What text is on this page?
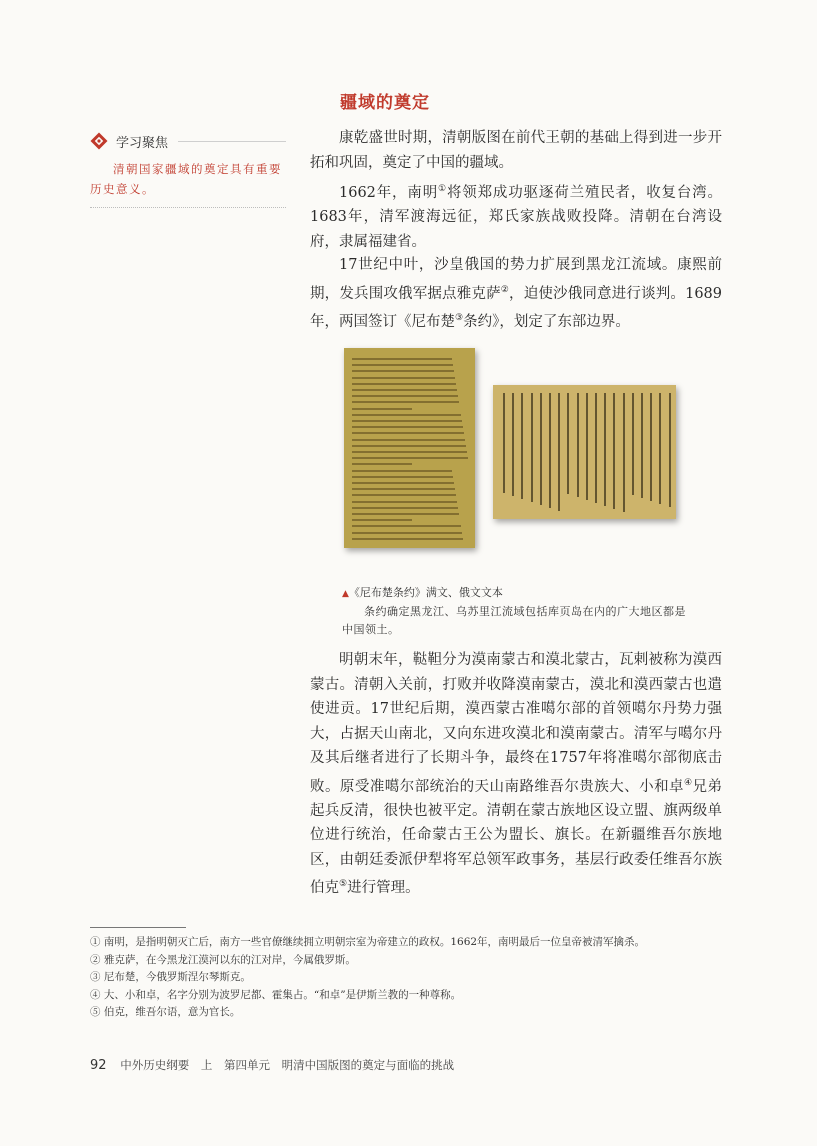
疆域的奠定
学习聚焦
清朝国家疆域的奠定具有重要历史意义。
康乾盛世时期，清朝版图在前代王朝的基础上得到进一步开拓和巩固，奠定了中国的疆域。
1662年，南明①将领郑成功驱逐荷兰殖民者，收复台湾。1683年，清军渡海远征，郑氏家族战败投降。清朝在台湾设府，隶属福建省。
17世纪中叶，沙皇俄国的势力扩展到黑龙江流域。康熙前期，发兵围攻俄军据点雅克萨②，迫使沙俄同意进行谈判。1689年，两国签订《尼布楚③条约》，划定了东部边界。
▲《尼布楚条约》满文、俄文文本
条约确定黑龙江、乌苏里江流域包括库页岛在内的广大地区都是中国领土。
明朝末年，鞑靼分为漠南蒙古和漠北蒙古，瓦剌被称为漠西蒙古。清朝入关前，打败并收降漠南蒙古，漠北和漠西蒙古也遣使进贡。17世纪后期，漠西蒙古准噶尔部的首领噶尔丹势力强大，占据天山南北，又向东进攻漠北和漠南蒙古。清军与噶尔丹及其后继者进行了长期斗争，最终在1757年将准噶尔部彻底击败。原受准噶尔部统治的天山南路维吾尔贵族大、小和卓④兄弟起兵反清，很快也被平定。清朝在蒙古族地区设立盟、旗两级单位进行统治，任命蒙古王公为盟长、旗长。在新疆维吾尔族地区，由朝廷委派伊犁将军总领军政事务，基层行政委任维吾尔族伯克⑤进行管理。
① 南明，是指明朝灭亡后，南方一些官僚继续拥立明朝宗室为帝建立的政权。1662年，南明最后一位皇帝被清军擒杀。
② 雅克萨，在今黑龙江漠河以东的江对岸，今属俄罗斯。
③ 尼布楚，今俄罗斯涅尔琴斯克。
④ 大、小和卓，名字分别为波罗尼都、霍集占。“和卓”是伊斯兰教的一种尊称。
⑤ 伯克，维吾尔语，意为官长。
92 中外历史纲要 上 第四单元 明清中国版图的奠定与面临的挑战
